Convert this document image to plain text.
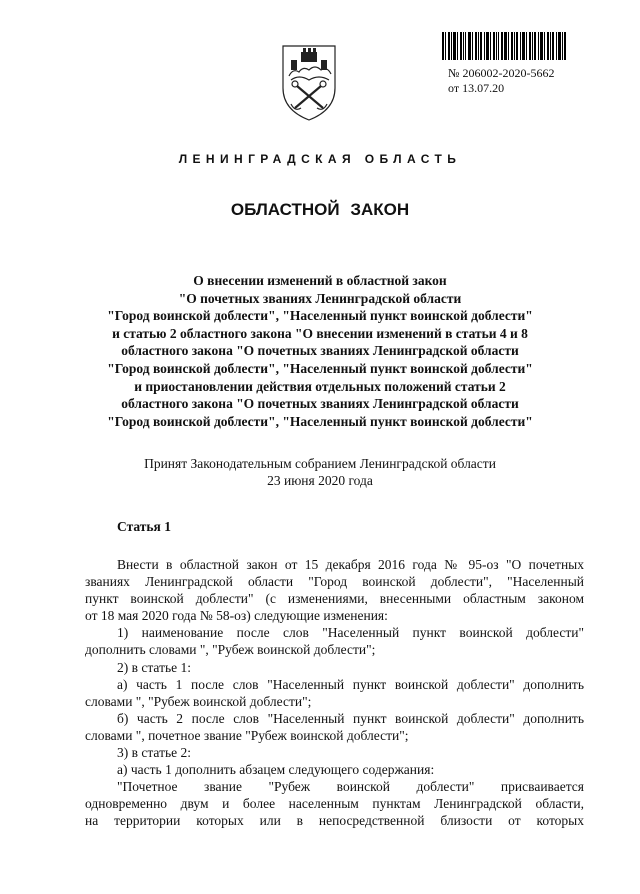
№ 206002-2020-5662
от 13.07.20
ЛЕНИНГРАДСКАЯ ОБЛАСТЬ
ОБЛАСТНОЙ ЗАКОН
О внесении изменений в областной закон
"О почетных званиях Ленинградской области
"Город воинской доблести", "Населенный пункт воинской доблести"
и статью 2 областного закона "О внесении изменений в статьи 4 и 8
областного закона "О почетных званиях Ленинградской области
"Город воинской доблести", "Населенный пункт воинской доблести"
и приостановлении действия отдельных положений статьи 2
областного закона "О почетных званиях Ленинградской области
"Город воинской доблести", "Населенный пункт воинской доблести"
Принят Законодательным собранием Ленинградской области
23 июня 2020 года
Статья 1
Внести в областной закон от 15 декабря 2016 года № 95-оз "О почетных
званиях Ленинградской области "Город воинской доблести", "Населенный
пункт воинской доблести" (с изменениями, внесенными областным законом
от 18 мая 2020 года № 58-оз) следующие изменения:
1) наименование после слов "Населенный пункт воинской доблести"
дополнить словами ", "Рубеж воинской доблести";
2) в статье 1:
а) часть 1 после слов "Населенный пункт воинской доблести" дополнить
словами ", "Рубеж воинской доблести";
б) часть 2 после слов "Населенный пункт воинской доблести" дополнить
словами ", почетное звание "Рубеж воинской доблести";
3) в статье 2:
а) часть 1 дополнить абзацем следующего содержания:
"Почетное звание "Рубеж воинской доблести" присваивается
одновременно двум и более населенным пунктам Ленинградской области,
на территории которых или в непосредственной близости от которых
